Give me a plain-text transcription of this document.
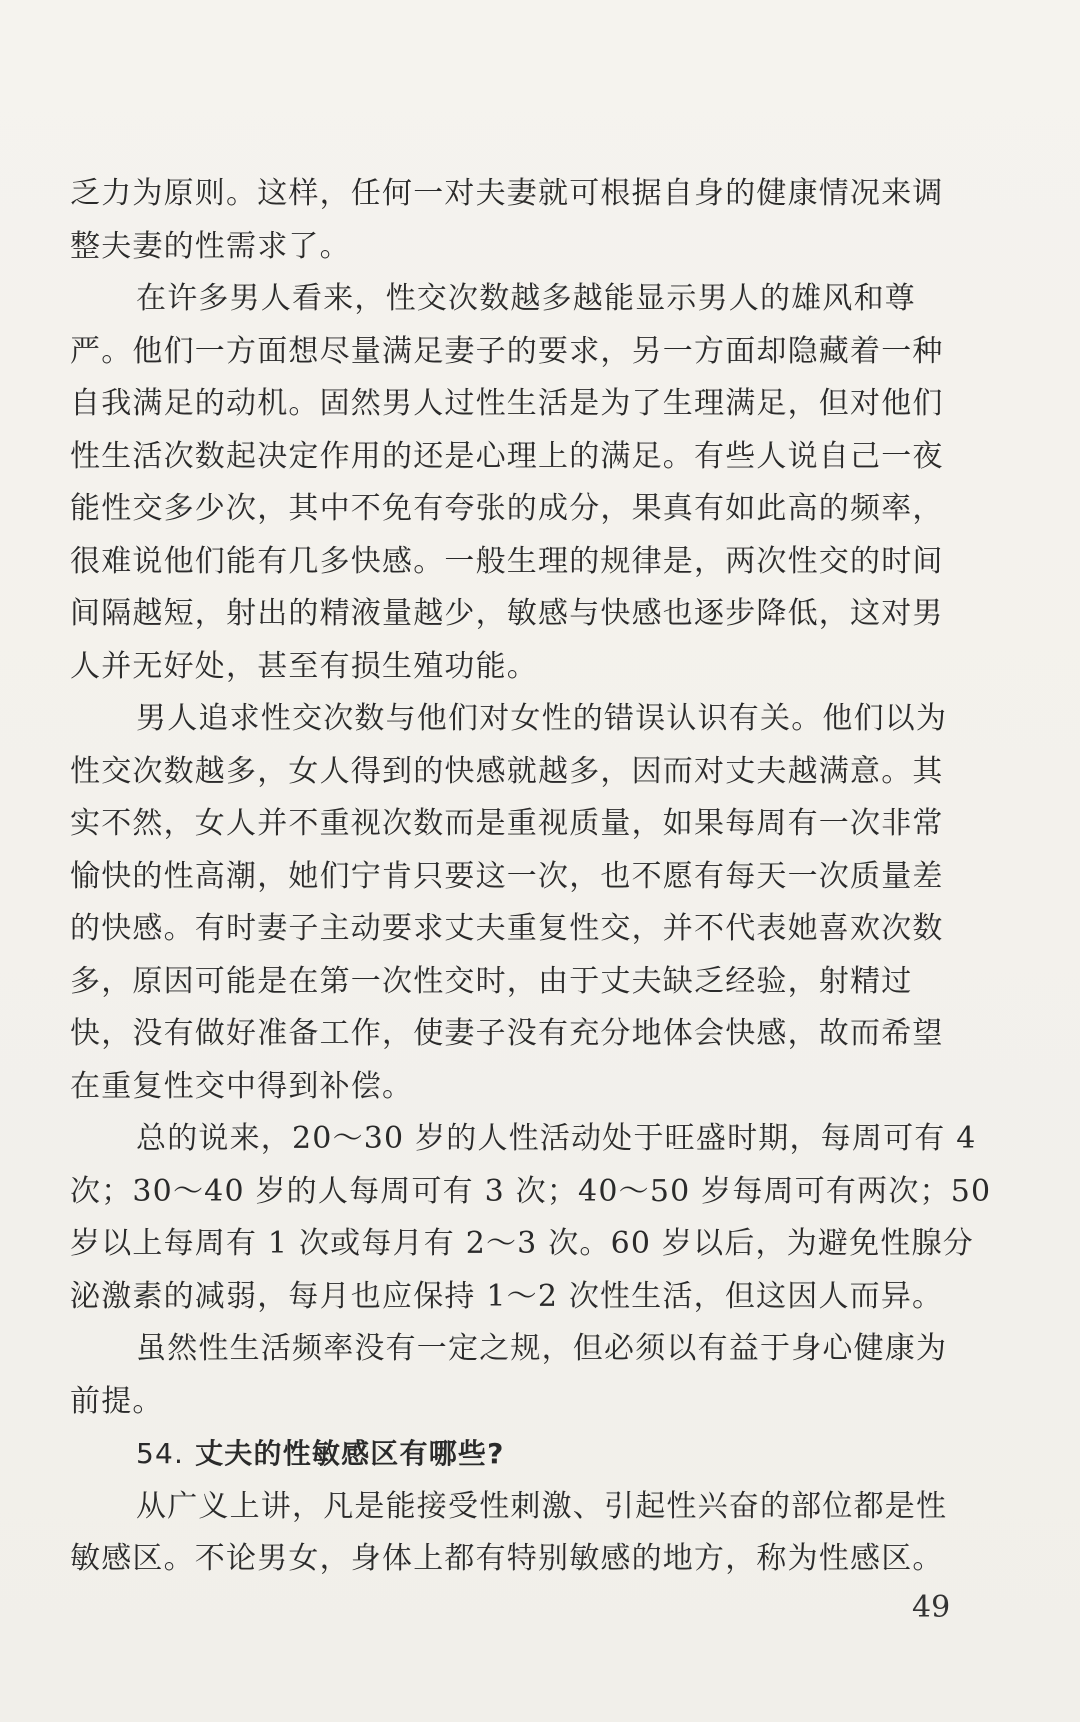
乏力为原则。这样，任何一对夫妻就可根据自身的健康情况来调
整夫妻的性需求了。
在许多男人看来，性交次数越多越能显示男人的雄风和尊
严。他们一方面想尽量满足妻子的要求，另一方面却隐藏着一种
自我满足的动机。固然男人过性生活是为了生理满足，但对他们
性生活次数起决定作用的还是心理上的满足。有些人说自己一夜
能性交多少次，其中不免有夸张的成分，果真有如此高的频率，
很难说他们能有几多快感。一般生理的规律是，两次性交的时间
间隔越短，射出的精液量越少，敏感与快感也逐步降低，这对男
人并无好处，甚至有损生殖功能。
男人追求性交次数与他们对女性的错误认识有关。他们以为
性交次数越多，女人得到的快感就越多，因而对丈夫越满意。其
实不然，女人并不重视次数而是重视质量，如果每周有一次非常
愉快的性高潮，她们宁肯只要这一次，也不愿有每天一次质量差
的快感。有时妻子主动要求丈夫重复性交，并不代表她喜欢次数
多，原因可能是在第一次性交时，由于丈夫缺乏经验，射精过
快，没有做好准备工作，使妻子没有充分地体会快感，故而希望
在重复性交中得到补偿。
总的说来，20～30 岁的人性活动处于旺盛时期，每周可有 4
次；30～40 岁的人每周可有 3 次；40～50 岁每周可有两次；50
岁以上每周有 1 次或每月有 2～3 次。60 岁以后，为避免性腺分
泌激素的减弱，每月也应保持 1～2 次性生活，但这因人而异。
虽然性生活频率没有一定之规，但必须以有益于身心健康为
前提。
54. 丈夫的性敏感区有哪些?
从广义上讲，凡是能接受性刺激、引起性兴奋的部位都是性
敏感区。不论男女，身体上都有特别敏感的地方，称为性感区。
49
